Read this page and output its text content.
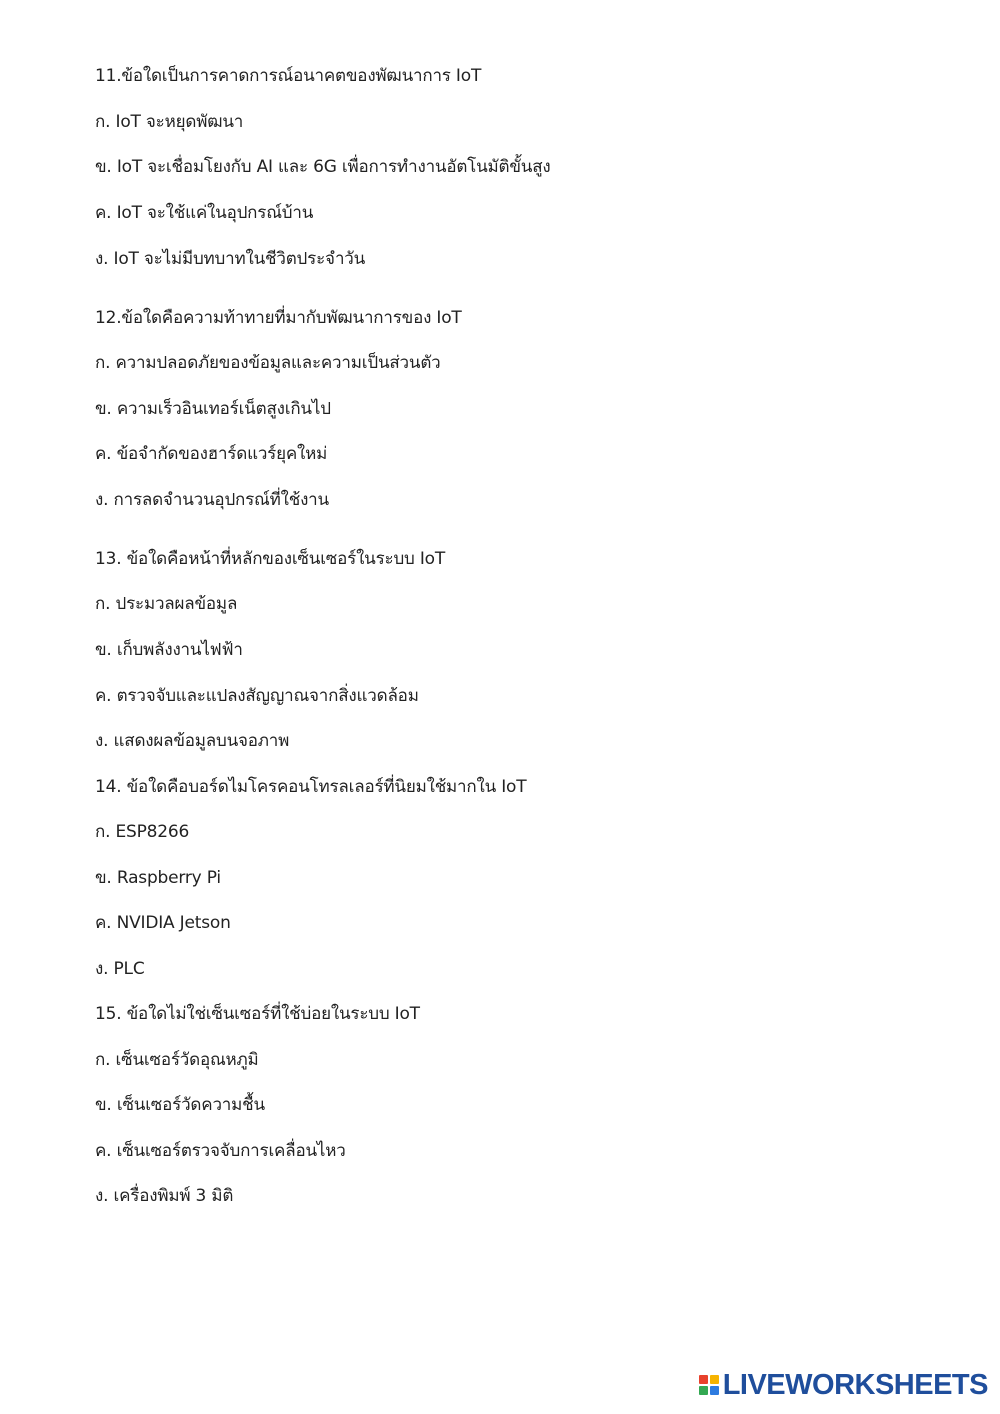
11.ข้อใดเป็นการคาดการณ์อนาคตของพัฒนาการ IoT
ก. IoT จะหยุดพัฒนา
ข. IoT จะเชื่อมโยงกับ AI และ 6G เพื่อการทำงานอัตโนมัติขั้นสูง
ค. IoT จะใช้แค่ในอุปกรณ์บ้าน
ง. IoT จะไม่มีบทบาทในชีวิตประจำวัน
12.ข้อใดคือความท้าทายที่มากับพัฒนาการของ IoT
ก. ความปลอดภัยของข้อมูลและความเป็นส่วนตัว
ข. ความเร็วอินเทอร์เน็ตสูงเกินไป
ค. ข้อจำกัดของฮาร์ดแวร์ยุคใหม่
ง. การลดจำนวนอุปกรณ์ที่ใช้งาน
13. ข้อใดคือหน้าที่หลักของเซ็นเซอร์ในระบบ IoT
ก. ประมวลผลข้อมูล
ข. เก็บพลังงานไฟฟ้า
ค. ตรวจจับและแปลงสัญญาณจากสิ่งแวดล้อม
ง. แสดงผลข้อมูลบนจอภาพ
14. ข้อใดคือบอร์ดไมโครคอนโทรลเลอร์ที่นิยมใช้มากใน IoT
ก. ESP8266
ข. Raspberry Pi
ค. NVIDIA Jetson
ง. PLC
15. ข้อใดไม่ใช่เซ็นเซอร์ที่ใช้บ่อยในระบบ IoT
ก. เซ็นเซอร์วัดอุณหภูมิ
ข. เซ็นเซอร์วัดความชื้น
ค. เซ็นเซอร์ตรวจจับการเคลื่อนไหว
ง. เครื่องพิมพ์ 3 มิติ
LIVEWORKSHEETS
